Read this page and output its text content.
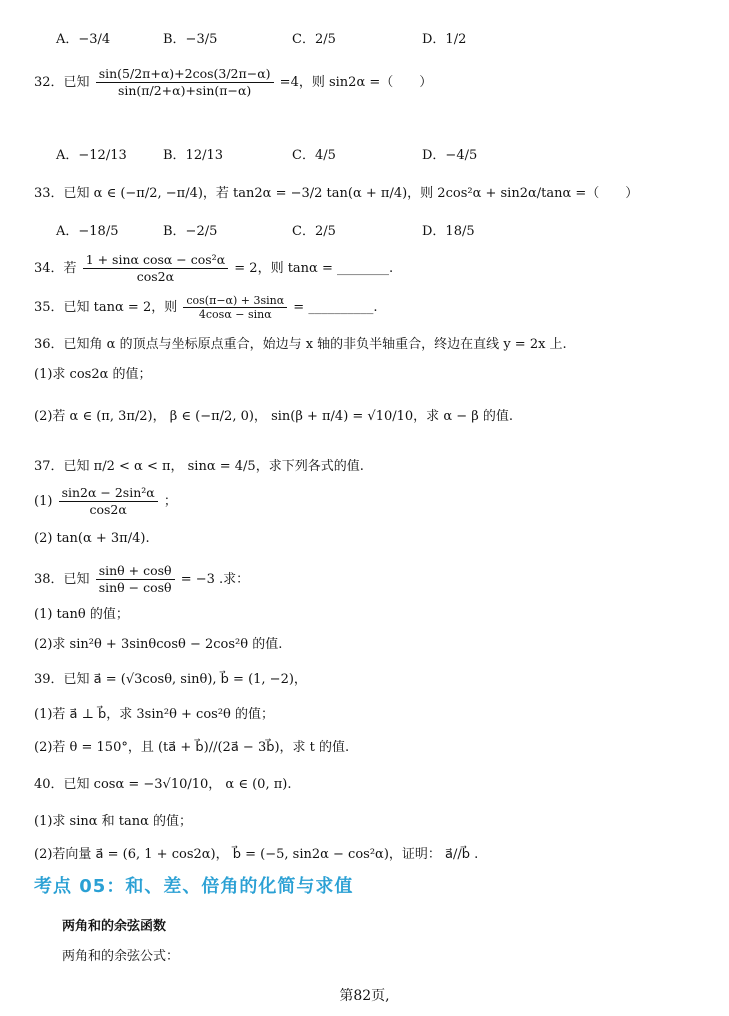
A．−3/4	B．−3/5	C．2/5	D．1/2
32．已知 $\frac{\sin(5/2\pi+\alpha)+2\cos(3/2\pi-\alpha)}{\sin(\pi/2+\alpha)+\sin(\pi-\alpha)} =4$，则 sin2α =（　　）
A．−12/13	B．12/13	C．4/5	D．−4/5
33．已知 α ∈ (−π/2, −π/4)，若 tan2α = −3/2 tan(α + π/4)，则 2cos²α + sin2α/tanα =（　　）
A．−18/5	B．−2/5	C．2/5	D．18/5
34．若 $\frac{\text{1 + sinα cosα − cos²α}}{\cos 2\alpha} = 2$，则 tanα = ________.
35．已知 tanα = 2，则 $\frac{\cos(\pi-\alpha) + 3\sin\alpha}{4\cos\alpha - \sin\alpha}$ = __________.
36．已知角 α 的顶点与坐标原点重合，始边与 x 轴的非负半轴重合，终边在直线 y = 2x 上.
(1)求 cos2α 的值；
(2)若 α ∈ (π, 3π/2)， β ∈ (−π/2, 0)， sin(β + π/4) = √10/10，求 α − β 的值.
37．已知 π/2 < α < π， sinα = 4/5，求下列各式的值.
$(1) \frac{\text{sin2α − 2sin²α}}{\cos 2\alpha}$ ；
(2) tan(α + 3π/4).
38．已知 $\frac{\sin\theta + \cos\theta}{\sin\theta - \cos\theta} = -3$ .求：
(1) tanθ 的值；
(2)求 sin²θ + 3sinθcosθ − 2cos²θ 的值.
39．已知 a⃗ = (√3cosθ, sinθ), b⃗ = (1, −2)，
(1)若 a⃗ ⊥ b⃗，求 3sin²θ + cos²θ 的值；
(2)若 θ = 150°，且 (ta⃗ + b⃗)//(2a⃗ − 3b⃗)，求 t 的值.
40．已知 cosα = −3√10/10， α ∈ (0, π).
(1)求 sinα 和 tanα 的值；
(2)若向量 a⃗ = (6, 1 + cos2α)， b⃗ = (−5, sin2α − cos²α)，证明： a⃗//b⃗ .
考点 05：和、差、倍角的化简与求值
两角和的余弦函数
两角和的余弦公式：
第82页,
